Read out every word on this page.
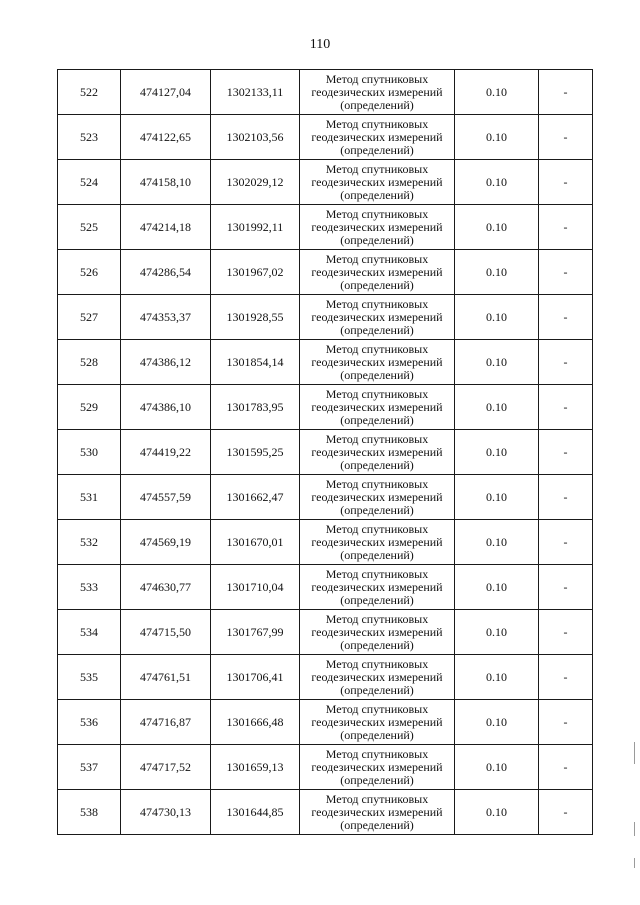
110
522	474127,04	1302133,11	Метод спутниковых
геодезических измерений
(определений)	0.10	-
523	474122,65	1302103,56	Метод спутниковых
геодезических измерений
(определений)	0.10	-
524	474158,10	1302029,12	Метод спутниковых
геодезических измерений
(определений)	0.10	-
525	474214,18	1301992,11	Метод спутниковых
геодезических измерений
(определений)	0.10	-
526	474286,54	1301967,02	Метод спутниковых
геодезических измерений
(определений)	0.10	-
527	474353,37	1301928,55	Метод спутниковых
геодезических измерений
(определений)	0.10	-
528	474386,12	1301854,14	Метод спутниковых
геодезических измерений
(определений)	0.10	-
529	474386,10	1301783,95	Метод спутниковых
геодезических измерений
(определений)	0.10	-
530	474419,22	1301595,25	Метод спутниковых
геодезических измерений
(определений)	0.10	-
531	474557,59	1301662,47	Метод спутниковых
геодезических измерений
(определений)	0.10	-
532	474569,19	1301670,01	Метод спутниковых
геодезических измерений
(определений)	0.10	-
533	474630,77	1301710,04	Метод спутниковых
геодезических измерений
(определений)	0.10	-
534	474715,50	1301767,99	Метод спутниковых
геодезических измерений
(определений)	0.10	-
535	474761,51	1301706,41	Метод спутниковых
геодезических измерений
(определений)	0.10	-
536	474716,87	1301666,48	Метод спутниковых
геодезических измерений
(определений)	0.10	-
537	474717,52	1301659,13	Метод спутниковых
геодезических измерений
(определений)	0.10	-
538	474730,13	1301644,85	Метод спутниковых
геодезических измерений
(определений)	0.10	-
